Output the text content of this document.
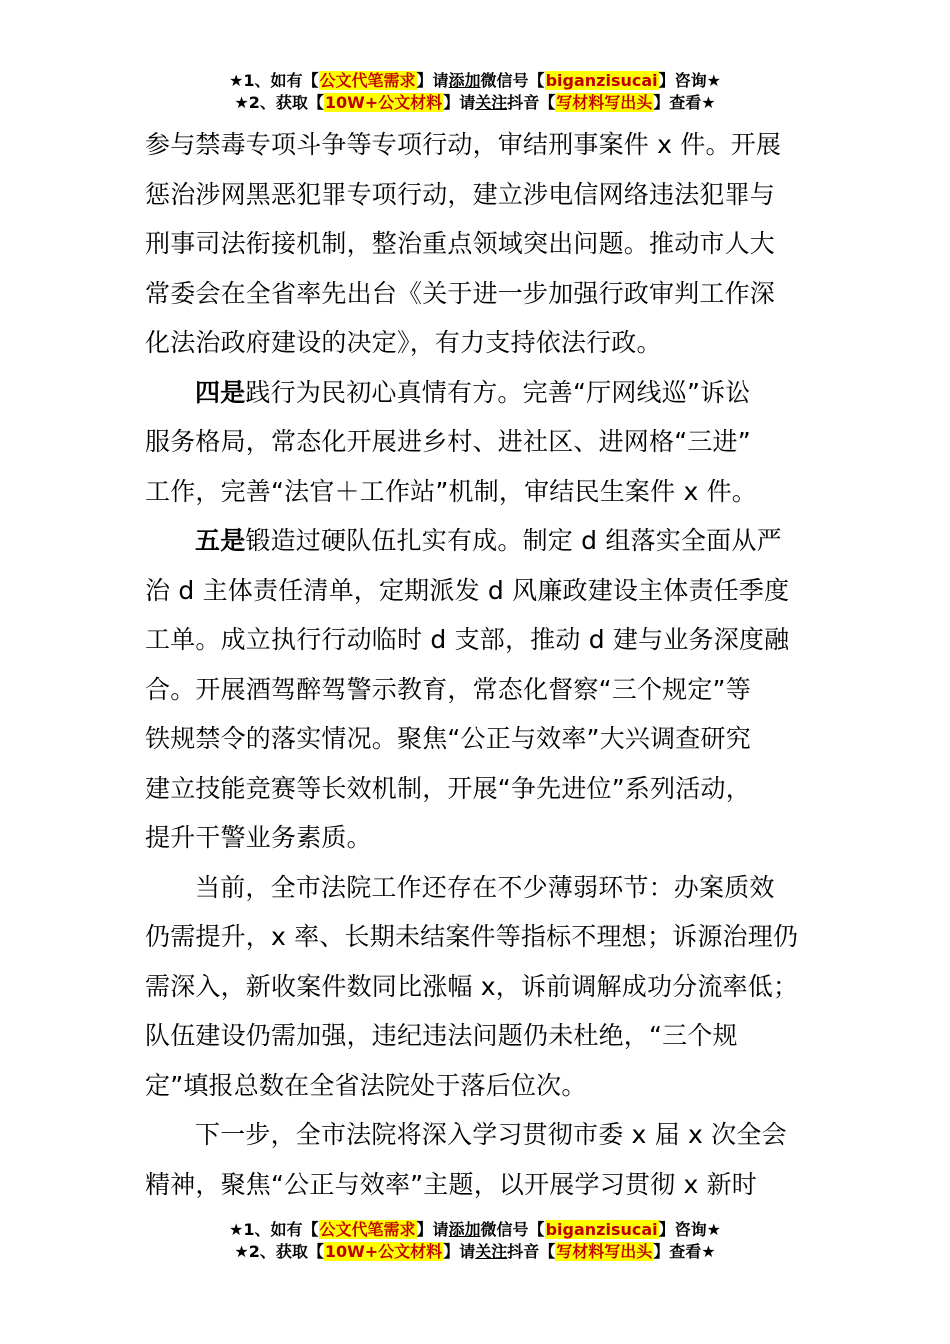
★1、如有【公文代笔需求】请添加微信号【biganzisucai】咨询★
★2、获取【10W+公文材料】请关注抖音【写材料写出头】查看★
参与禁毒专项斗争等专项行动，审结刑事案件 x 件。开展
惩治涉网黑恶犯罪专项行动，建立涉电信网络违法犯罪与
刑事司法衔接机制，整治重点领域突出问题。推动市人大
常委会在全省率先出台《关于进一步加强行政审判工作深
化法治政府建设的决定》，有力支持依法行政。
四是践行为民初心真情有方。完善“厅网线巡”诉讼
服务格局，常态化开展进乡村、进社区、进网格“三进”
工作，完善“法官＋工作站”机制，审结民生案件 x 件。
五是锻造过硬队伍扎实有成。制定 d 组落实全面从严
治 d 主体责任清单，定期派发 d 风廉政建设主体责任季度
工单。成立执行行动临时 d 支部，推动 d 建与业务深度融
合。开展酒驾醉驾警示教育，常态化督察“三个规定”等
铁规禁令的落实情况。聚焦“公正与效率”大兴调查研究
建立技能竞赛等长效机制，开展“争先进位”系列活动，
提升干警业务素质。
当前，全市法院工作还存在不少薄弱环节：办案质效
仍需提升，x 率、长期未结案件等指标不理想；诉源治理仍
需深入，新收案件数同比涨幅 x，诉前调解成功分流率低；
队伍建设仍需加强，违纪违法问题仍未杜绝，“三个规
定”填报总数在全省法院处于落后位次。
下一步，全市法院将深入学习贯彻市委 x 届 x 次全会
精神，聚焦“公正与效率”主题，以开展学习贯彻 x 新时
★1、如有【公文代笔需求】请添加微信号【biganzisucai】咨询★
★2、获取【10W+公文材料】请关注抖音【写材料写出头】查看★
